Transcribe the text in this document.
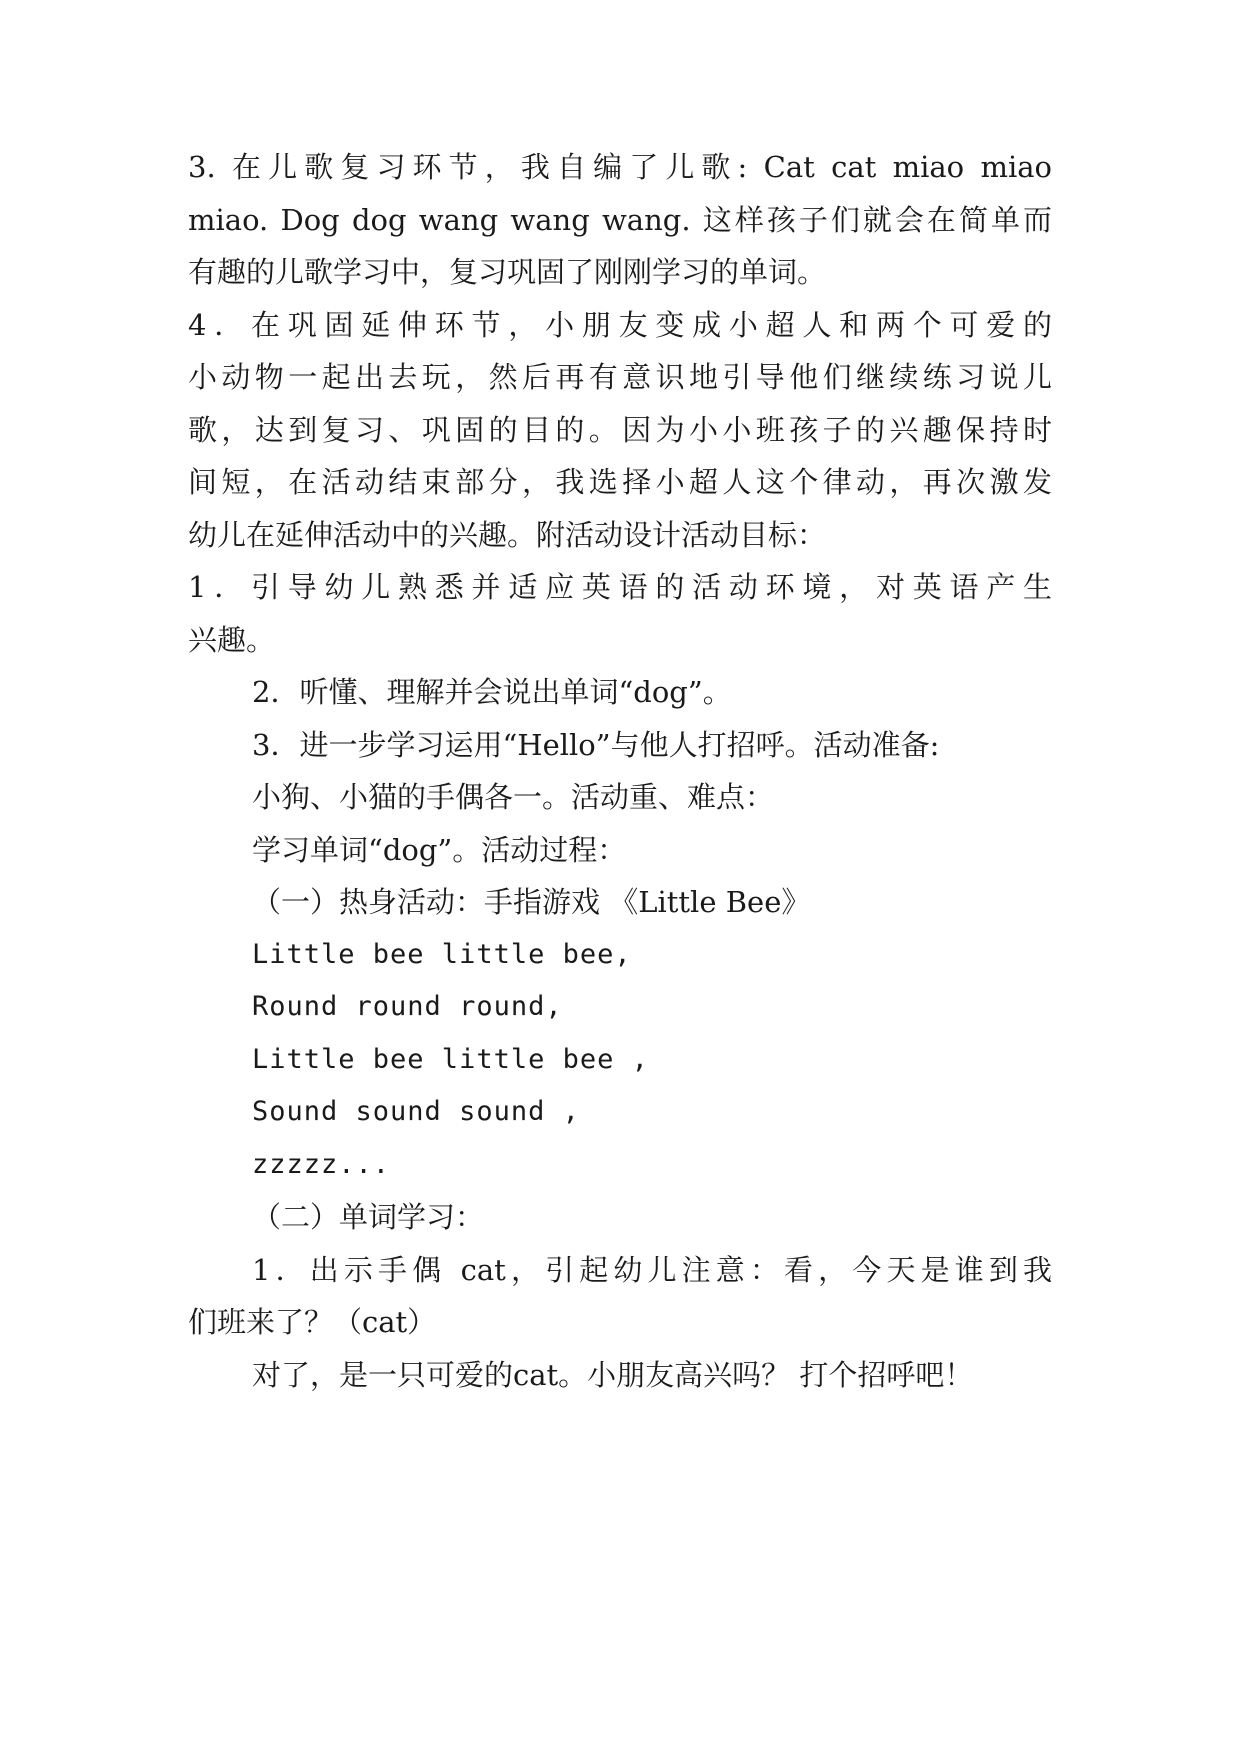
3. 在儿歌复习环节，我自编了儿歌: Cat cat miao miao
miao. Dog dog wang wang wang. 这样孩子们就会在简单而
有趣的儿歌学习中，复习巩固了刚刚学习的单词。
4．在巩固延伸环节，小朋友变成小超人和两个可爱的
小动物一起出去玩，然后再有意识地引导他们继续练习说儿
歌，达到复习、巩固的目的。因为小小班孩子的兴趣保持时
间短，在活动结束部分，我选择小超人这个律动，再次激发
幼儿在延伸活动中的兴趣。附活动设计活动目标：
1．引导幼儿熟悉并适应英语的活动环境，对英语产生
兴趣。
2．听懂、理解并会说出单词“dog”。
3．进一步学习运用“Hello”与他人打招呼。活动准备:
小狗、小猫的手偶各一。活动重、难点：
学习单词“dog”。活动过程：
（一）热身活动：手指游戏 《Little Bee》
Little bee little bee,
Round round round,
Little bee little bee ,
Sound sound sound ,
zzzzz...
（二）单词学习：
1．出示手偶 cat，引起幼儿注意：看，今天是谁到我
们班来了？（cat）
对了，是一只可爱的cat。小朋友高兴吗？ 打个招呼吧！
